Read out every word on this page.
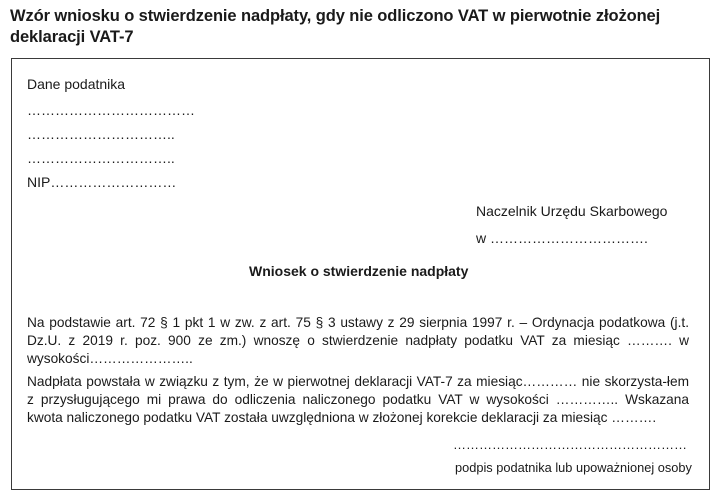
Wzór wniosku o stwierdzenie nadpłaty, gdy nie odliczono VAT w pierwotnie złożonej deklaracji VAT-7
Dane podatnika
………………………………
…………………………..
…………………………..
NIP………………………
Naczelnik Urzędu Skarbowego
w …………………………….
Wniosek o stwierdzenie nadpłaty
Na podstawie art. 72 § 1 pkt 1 w zw. z art. 75 § 3 ustawy z 29 sierpnia 1997 r. – Ordynacja podatkowa (j.t. Dz.U. z 2019 r. poz. 900 ze zm.) wnoszę o stwierdzenie nadpłaty podatku VAT za miesiąc ………. w wysokości…………………..
Nadpłata powstała w związku z tym, że w pierwotnej deklaracji VAT-7 za miesiąc………… nie skorzysta-łem z przysługującego mi prawa do odliczenia naliczonego podatku VAT w wysokości ………….. Wskazana kwota naliczonego podatku VAT została uwzględniona w złożonej korekcie deklaracji za miesiąc ……….
………………………………………………
podpis podatnika lub upoważnionej osoby
